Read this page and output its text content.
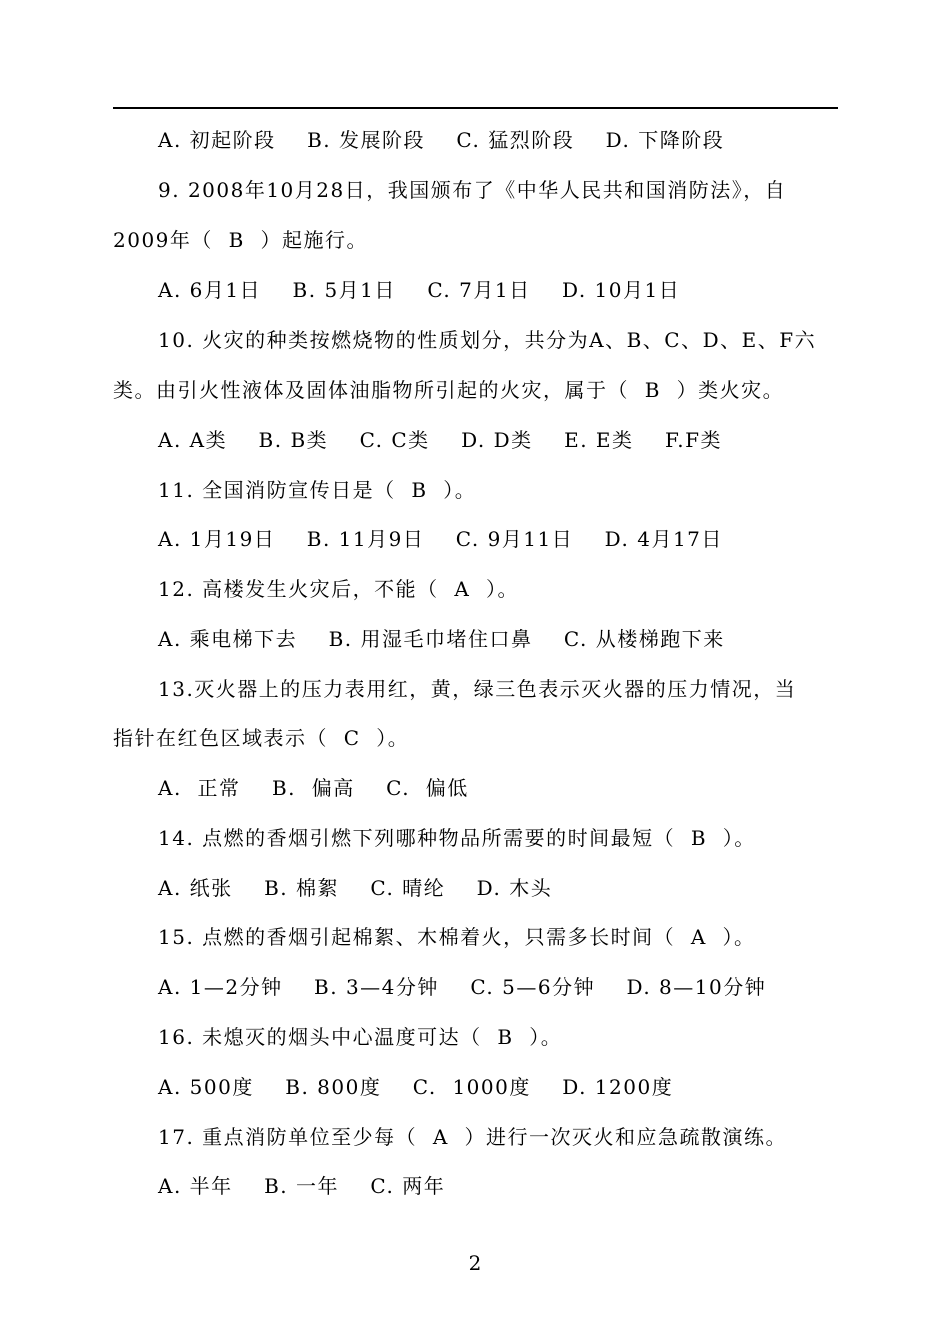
A. 初起阶段    B. 发展阶段    C. 猛烈阶段    D. 下降阶段
9. 2008年10月28日，我国颁布了《中华人民共和国消防法》，自
2009年（  B  ）起施行。
A. 6月1日    B. 5月1日    C. 7月1日    D. 10月1日
10. 火灾的种类按燃烧物的性质划分，共分为A、B、C、D、E、F六
类。由引火性液体及固体油脂物所引起的火灾，属于（  B  ）类火灾。
A. A类    B. B类    C. C类    D. D类    E. E类    F.F类
11. 全国消防宣传日是（  B  ）。
A. 1月19日    B. 11月9日    C. 9月11日    D. 4月17日
12. 高楼发生火灾后，不能（  A  ）。
A. 乘电梯下去    B. 用湿毛巾堵住口鼻    C. 从楼梯跑下来
13.灭火器上的压力表用红，黄，绿三色表示灭火器的压力情况，当
指针在红色区域表示（  C  ）。
A.  正常    B.  偏高    C.  偏低
14. 点燃的香烟引燃下列哪种物品所需要的时间最短（  B  ）。
A. 纸张    B. 棉絮    C. 晴纶    D. 木头
15. 点燃的香烟引起棉絮、木棉着火，只需多长时间（  A  ）。
A. 1—2分钟    B. 3—4分钟    C. 5—6分钟    D. 8—10分钟
16. 未熄灭的烟头中心温度可达（  B  ）。
A. 500度    B. 800度    C.  1000度    D. 1200度
17. 重点消防单位至少每（  A  ）进行一次灭火和应急疏散演练。
A. 半年    B. 一年    C. 两年
2
